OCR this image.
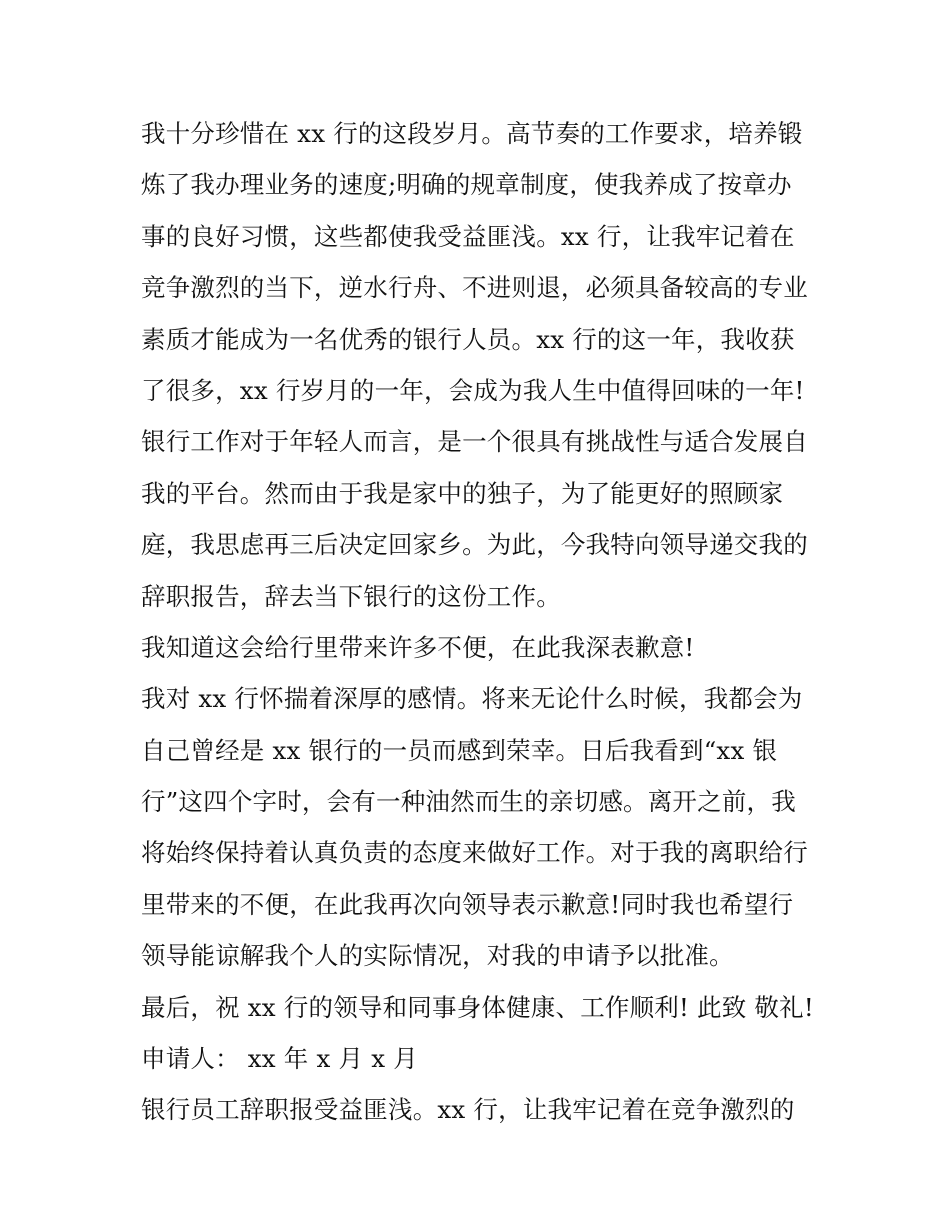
我十分珍惜在 xx 行的这段岁月。高节奏的工作要求，培养锻
炼了我办理业务的速度;明确的规章制度，使我养成了按章办
事的良好习惯，这些都使我受益匪浅。xx 行，让我牢记着在
竞争激烈的当下，逆水行舟、不进则退，必须具备较高的专业
素质才能成为一名优秀的银行人员。xx 行的这一年，我收获
了很多，xx 行岁月的一年，会成为我人生中值得回味的一年!
银行工作对于年轻人而言，是一个很具有挑战性与适合发展自
我的平台。然而由于我是家中的独子，为了能更好的照顾家
庭，我思虑再三后决定回家乡。为此，今我特向领导递交我的
辞职报告，辞去当下银行的这份工作。
我知道这会给行里带来许多不便，在此我深表歉意!
我对 xx 行怀揣着深厚的感情。将来无论什么时候，我都会为
自己曾经是 xx 银行的一员而感到荣幸。日后我看到“xx 银
行”这四个字时，会有一种油然而生的亲切感。离开之前，我
将始终保持着认真负责的态度来做好工作。对于我的离职给行
里带来的不便，在此我再次向领导表示歉意!同时我也希望行
领导能谅解我个人的实际情况，对我的申请予以批准。
最后，祝 xx 行的领导和同事身体健康、工作顺利! 此致 敬礼!
申请人： xx 年 x 月 x 月
银行员工辞职报受益匪浅。xx 行，让我牢记着在竞争激烈的
